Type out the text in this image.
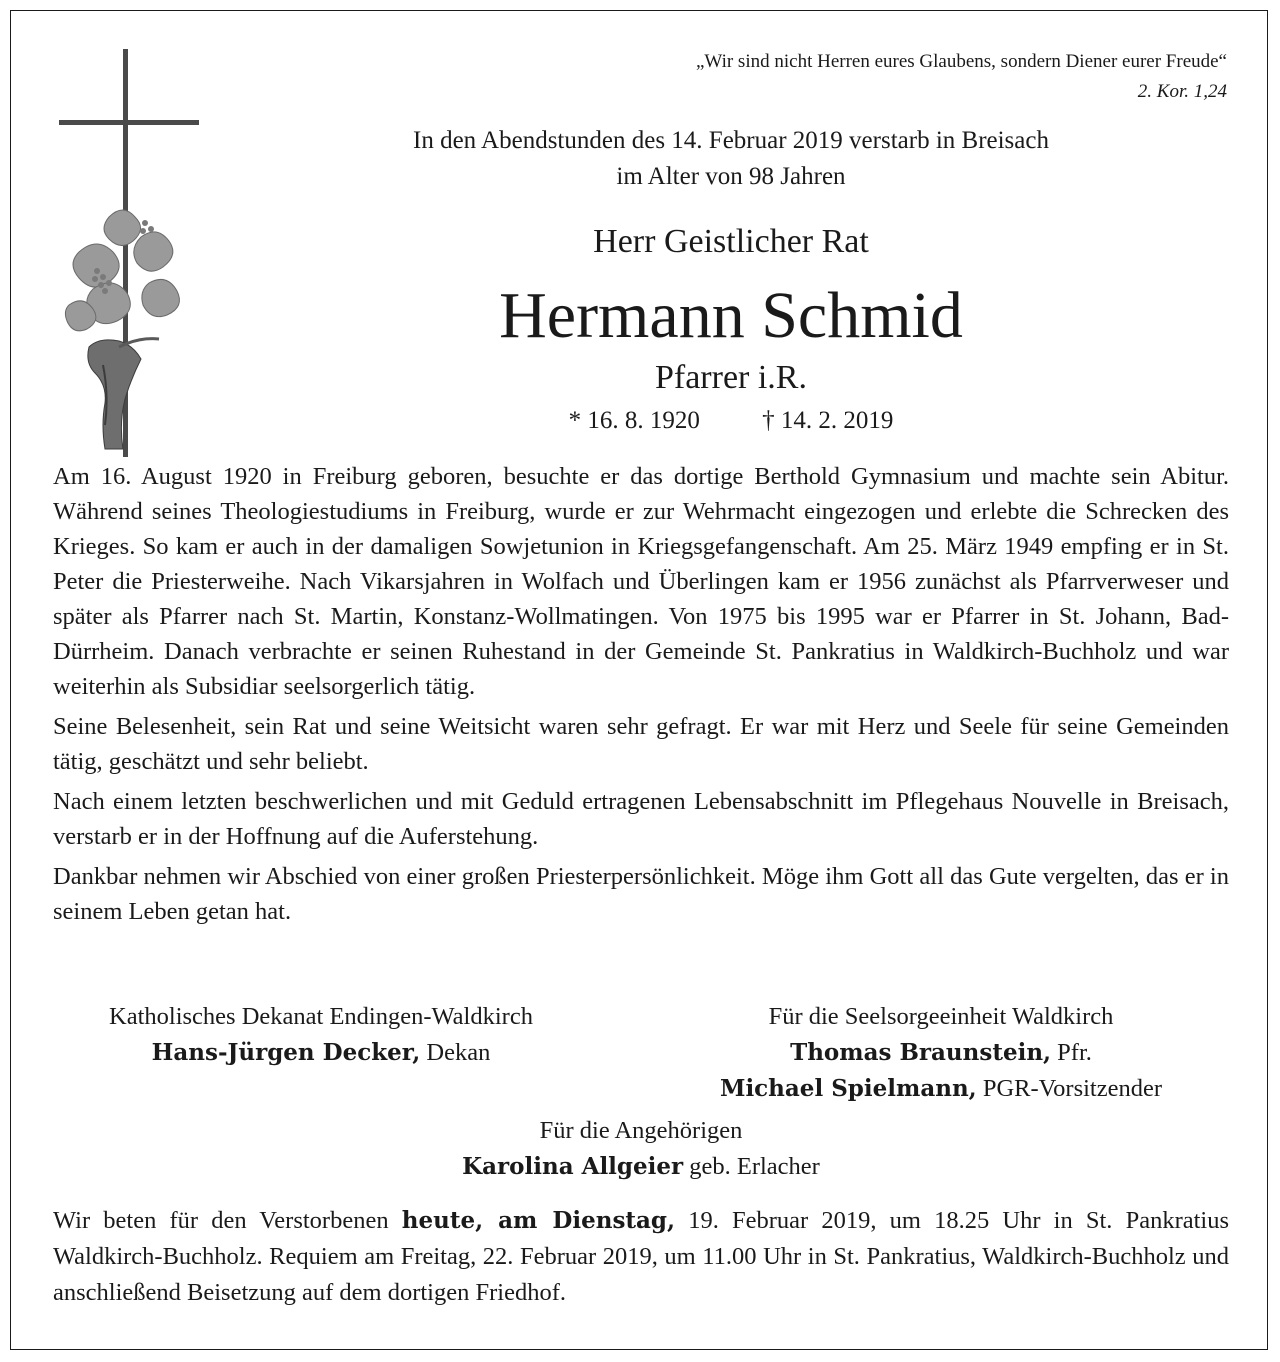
„Wir sind nicht Herren eures Glaubens, sondern Diener eurer Freude“
2. Kor. 1,24
In den Abendstunden des 14. Februar 2019 verstarb in Breisach
im Alter von 98 Jahren
Herr Geistlicher Rat
Hermann Schmid
Pfarrer i.R.
* 16. 8. 1920 † 14. 2. 2019

Am 16. August 1920 in Freiburg geboren, besuchte er das dortige Berthold Gymnasium und machte sein Abitur. Während seines Theologiestudiums in Freiburg, wurde er zur Wehrmacht eingezogen und erlebte die Schrecken des Krieges. So kam er auch in der damaligen Sowjetunion in Kriegsgefangenschaft. Am 25. März 1949 empfing er in St. Peter die Priesterweihe. Nach Vikarsjahren in Wolfach und Überlingen kam er 1956 zunächst als Pfarrverweser und später als Pfarrer nach St. Martin, Konstanz-Wollmatingen. Von 1975 bis 1995 war er Pfarrer in St. Johann, Bad-Dürrheim. Danach verbrachte er seinen Ruhestand in der Gemeinde St. Pankratius in Waldkirch-Buchholz und war weiterhin als Subsidiar seelsorgerlich tätig.

Seine Belesenheit, sein Rat und seine Weitsicht waren sehr gefragt. Er war mit Herz und Seele für seine Gemeinden tätig, geschätzt und sehr beliebt.

Nach einem letzten beschwerlichen und mit Geduld ertragenen Lebensabschnitt im Pflegehaus Nouvelle in Breisach, verstarb er in der Hoffnung auf die Auferstehung.

Dankbar nehmen wir Abschied von einer großen Priesterpersönlichkeit. Möge ihm Gott all das Gute vergelten, das er in seinem Leben getan hat.

Katholisches Dekanat Endingen-Waldkirch
Hans-Jürgen Decker, Dekan
Für die Seelsorgeeinheit Waldkirch
Thomas Braunstein, Pfr.
Michael Spielmann, PGR-Vorsitzender
Für die Angehörigen
Karolina Allgeier geb. Erlacher
Wir beten für den Verstorbenen heute, am Dienstag, 19. Februar 2019, um 18.25 Uhr in St. Pankratius Waldkirch-Buchholz. Requiem am Freitag, 22. Februar 2019, um 11.00 Uhr in St. Pankratius, Waldkirch-Buchholz und anschließend Beisetzung auf dem dortigen Friedhof.
